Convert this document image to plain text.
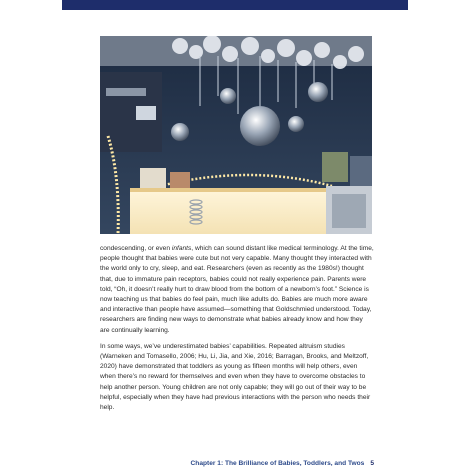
condescending, or even infants, which can sound distant like medical terminology. At the time, people thought that babies were cute but not very capable. Many thought they interacted with the world only to cry, sleep, and eat. Researchers (even as recently as the 1980s!) thought that, due to immature pain receptors, babies could not really experience pain. Parents were told, “Oh, it doesn’t really hurt to draw blood from the bottom of a newborn’s foot.” Science is now teaching us that babies do feel pain, much like adults do. Babies are much more aware and interactive than people have assumed—something that Goldschmied understood. Today, researchers are finding new ways to demonstrate what babies already know and how they are continually learning.

In some ways, we’ve underestimated babies’ capabilities. Repeated altruism studies (Warneken and Tomasello, 2006; Hu, Li, Jia, and Xie, 2016; Barragan, Brooks, and Meltzoff, 2020) have demonstrated that toddlers as young as fifteen months will help others, even when there’s no reward for themselves and even when they have to overcome obstacles to help another person. Young children are not only capable; they will go out of their way to be helpful, especially when they have had previous interactions with the person who needs their help.

Chapter 1: The Brilliance of Babies, Toddlers, and Twos 5
